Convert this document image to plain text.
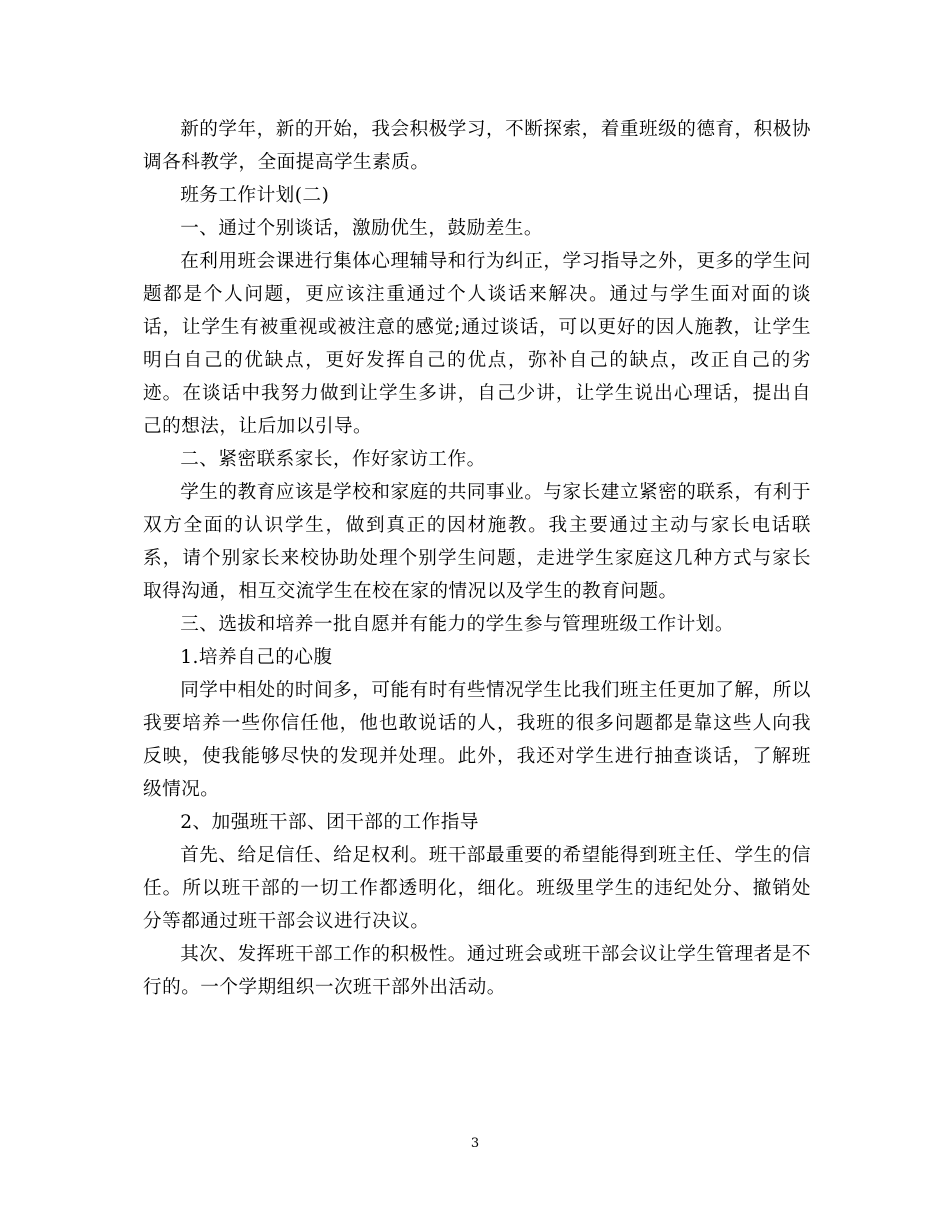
新的学年，新的开始，我会积极学习，不断探索，着重班级的德育，积极协调各科教学，全面提高学生素质。

班务工作计划(二)

一、通过个别谈话，激励优生，鼓励差生。

在利用班会课进行集体心理辅导和行为纠正，学习指导之外，更多的学生问题都是个人问题，更应该注重通过个人谈话来解决。通过与学生面对面的谈话，让学生有被重视或被注意的感觉;通过谈话，可以更好的因人施教，让学生明白自己的优缺点，更好发挥自己的优点，弥补自己的缺点，改正自己的劣迹。在谈话中我努力做到让学生多讲，自己少讲，让学生说出心理话，提出自己的想法，让后加以引导。

二、紧密联系家长，作好家访工作。

学生的教育应该是学校和家庭的共同事业。与家长建立紧密的联系，有利于双方全面的认识学生，做到真正的因材施教。我主要通过主动与家长电话联系，请个别家长来校协助处理个别学生问题，走进学生家庭这几种方式与家长取得沟通，相互交流学生在校在家的情况以及学生的教育问题。

三、选拔和培养一批自愿并有能力的学生参与管理班级工作计划。

1.培养自己的心腹

同学中相处的时间多，可能有时有些情况学生比我们班主任更加了解，所以我要培养一些你信任他，他也敢说话的人，我班的很多问题都是靠这些人向我反映，使我能够尽快的发现并处理。此外，我还对学生进行抽查谈话，了解班级情况。

2、加强班干部、团干部的工作指导

首先、给足信任、给足权利。班干部最重要的希望能得到班主任、学生的信任。所以班干部的一切工作都透明化，细化。班级里学生的违纪处分、撤销处分等都通过班干部会议进行决议。

其次、发挥班干部工作的积极性。通过班会或班干部会议让学生管理者是不行的。一个学期组织一次班干部外出活动。

3
